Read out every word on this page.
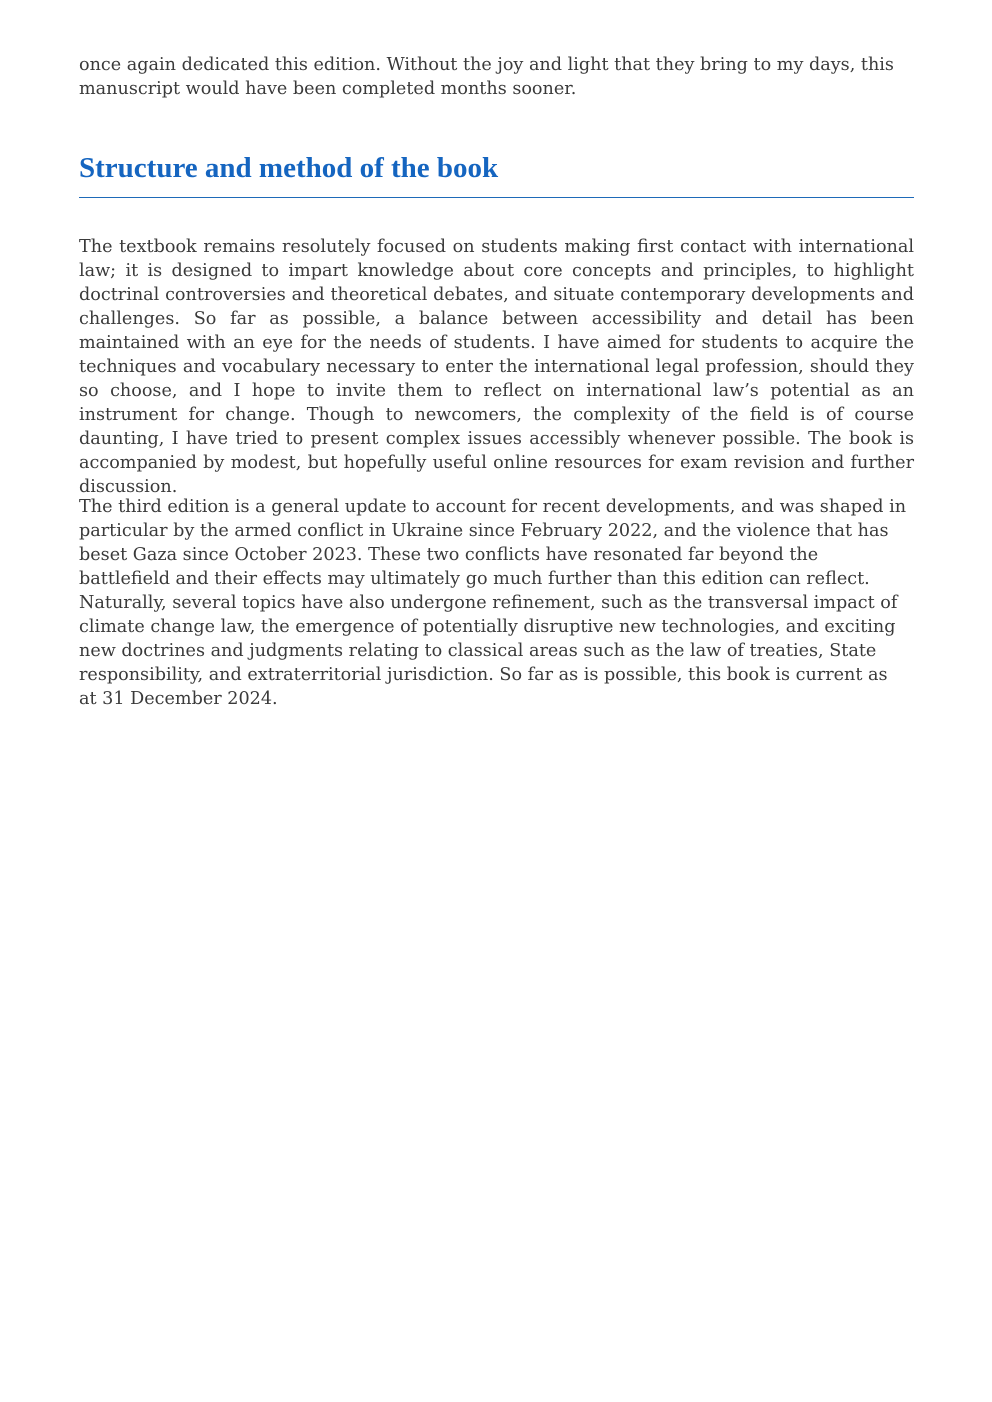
once again dedicated this edition. Without the joy and light that they bring to my days, this manuscript would have been completed months sooner.

Structure and method of the book

The textbook remains resolutely focused on students making first contact with international law; it is designed to impart knowledge about core concepts and principles, to highlight doctrinal controversies and theoretical debates, and situate contemporary developments and challenges. So far as possible, a balance between accessibility and detail has been maintained with an eye for the needs of students. I have aimed for students to acquire the techniques and vocabulary necessary to enter the international legal profession, should they so choose, and I hope to invite them to reflect on international law’s potential as an instrument for change. Though to newcomers, the complexity of the field is of course daunting, I have tried to present complex issues accessibly whenever possible. The book is accompanied by modest, but hopefully useful online resources for exam revision and further discussion.

The third edition is a general update to account for recent developments, and was shaped in particular by the armed conflict in Ukraine since February 2022, and the violence that has beset Gaza since October 2023. These two conflicts have resonated far beyond the battlefield and their effects may ultimately go much further than this edition can reflect. Naturally, several topics have also undergone refinement, such as the transversal impact of climate change law, the emergence of potentially disruptive new technologies, and exciting new doctrines and judgments relating to classical areas such as the law of treaties, State responsibility, and extraterritorial jurisdiction. So far as is possible, this book is current as at 31 December 2024.
